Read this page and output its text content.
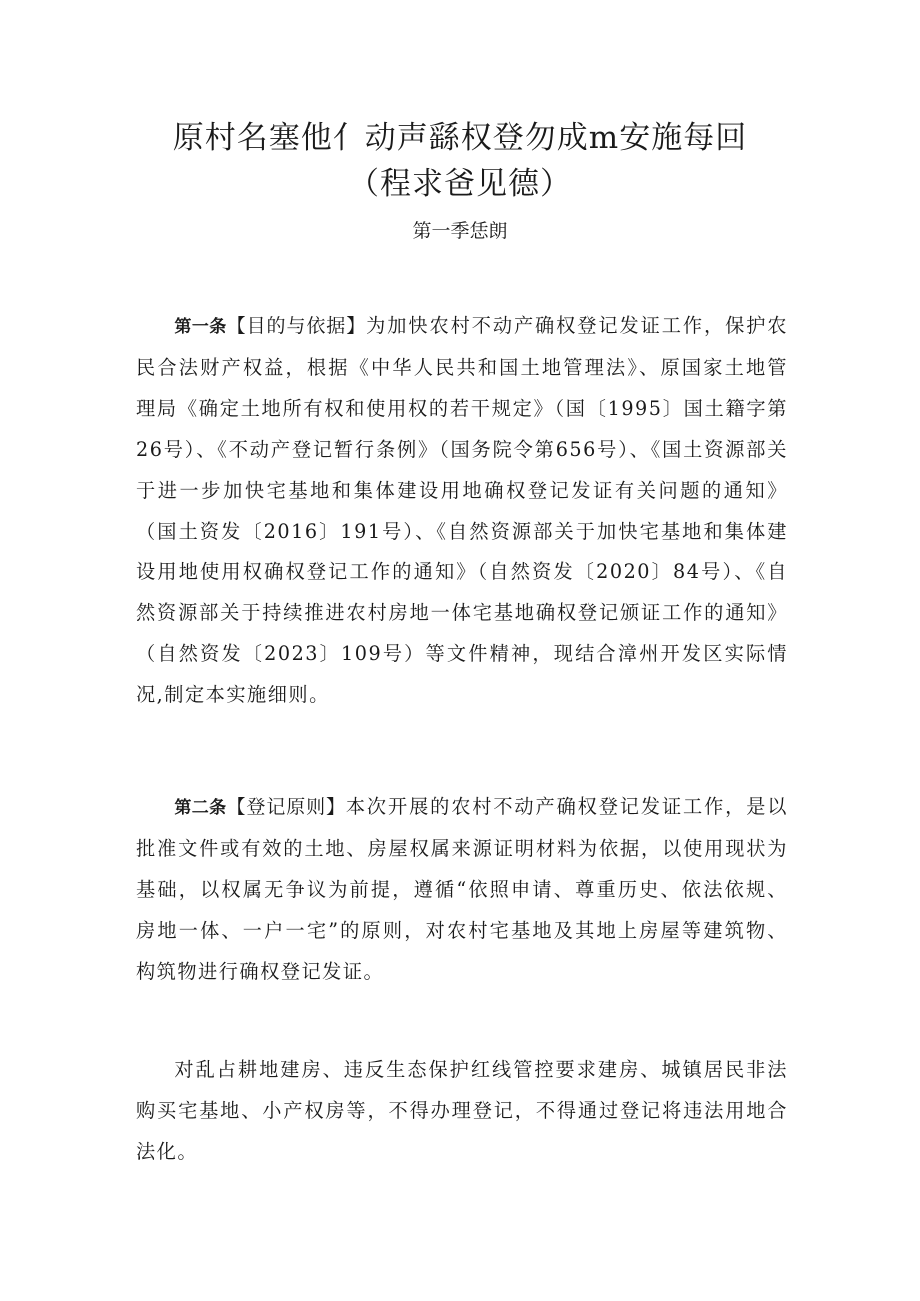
原村名塞他亻动声繇权登勿成m安施每回
（程求爸见德）
第一季恁朗

第一条【目的与依据】为加快农村不动产确权登记发证工作，保护农民合法财产权益，根据《中华人民共和国土地管理法》、原国家土地管理局《确定土地所有权和使用权的若干规定》（国〔1995〕国土籍字第26号）、《不动产登记暂行条例》（国务院令第656号）、《国土资源部关于进一步加快宅基地和集体建设用地确权登记发证有关问题的通知》（国土资发〔2016〕191号）、《自然资源部关于加快宅基地和集体建设用地使用权确权登记工作的通知》（自然资发〔2020〕84号）、《自然资源部关于持续推进农村房地一体宅基地确权登记颁证工作的通知》（自然资发〔2023〕109号）等文件精神，现结合漳州开发区实际情况,制定本实施细则。

第二条【登记原则】本次开展的农村不动产确权登记发证工作，是以批准文件或有效的土地、房屋权属来源证明材料为依据，以使用现状为基础，以权属无争议为前提，遵循“依照申请、尊重历史、依法依规、房地一体、一户一宅”的原则，对农村宅基地及其地上房屋等建筑物、构筑物进行确权登记发证。

对乱占耕地建房、违反生态保护红线管控要求建房、城镇居民非法购买宅基地、小产权房等，不得办理登记，不得通过登记将违法用地合法化。
